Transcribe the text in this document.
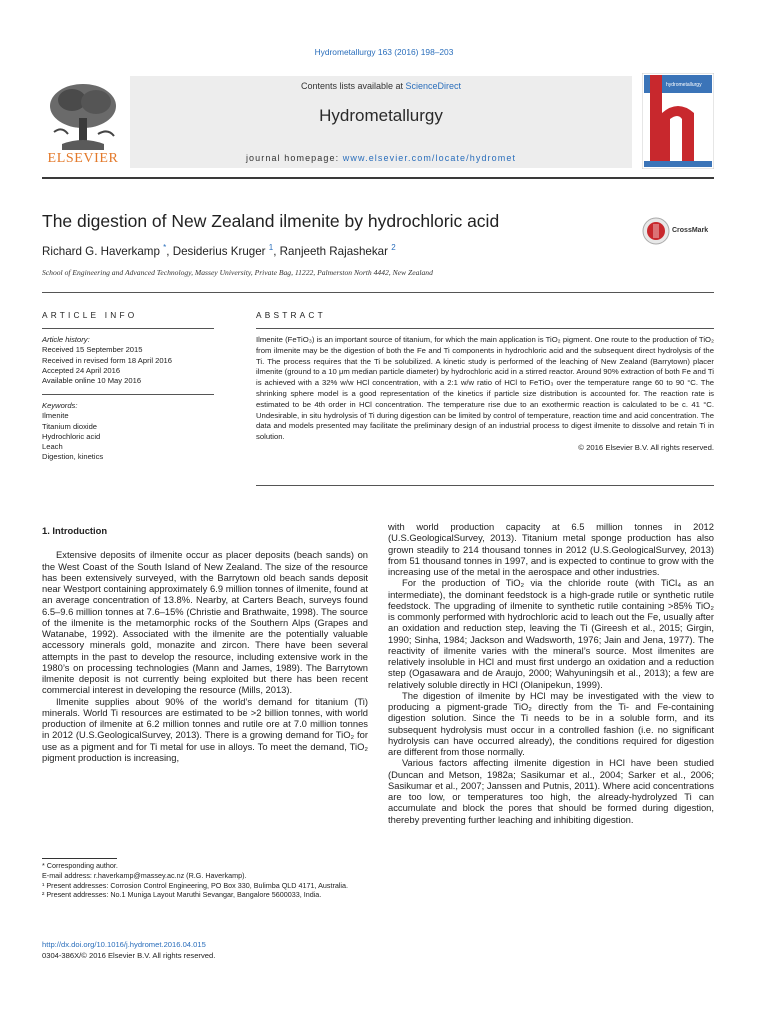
Hydrometallurgy 163 (2016) 198–203
ELSEVIER
Contents lists available at ScienceDirect
Hydrometallurgy
journal homepage: www.elsevier.com/locate/hydromet
hydrometallurgy
The digestion of New Zealand ilmenite by hydrochloric acid	CrossMark
Richard G. Haverkamp *, Desiderius Kruger $^1$, Ranjeeth Rajashekar $^2$
School of Engineering and Advanced Technology, Massey University, Private Bag, 11222, Palmerston North 4442, New Zealand
ARTICLE INFO
Article history:
Received 15 September 2015
Received in revised form 18 April 2016
Accepted 24 April 2016
Available online 10 May 2016
Keywords:
Ilmenite
Titanium dioxide
Hydrochloric acid
Leach
Digestion, kinetics
ABSTRACT
Ilmenite (FeTiO₃) is an important source of titanium, for which the main application is TiO₂ pigment. One route to the production of TiO₂ from ilmenite may be the digestion of both the Fe and Ti components in hydrochloric acid and the subsequent direct hydrolysis of the Ti. The process requires that the Ti be solubilized. A kinetic study is performed of the leaching of New Zealand (Barrytown) placer ilmenite (ground to a 10 μm median particle diameter) by hydrochloric acid in a stirred reactor. Around 90% extraction of both Fe and Ti is achieved with a 32% w/w HCl concentration, with a 2:1 w/w ratio of HCl to FeTiO₃ over the temperature range 60 to 90 °C. The shrinking sphere model is a good representation of the kinetics if particle size distribution is accounted for. The reaction rate is estimated to be 4th order in HCl concentration. The temperature rise due to an exothermic reaction is calculated to be c. 41 °C. Undesirable, in situ hydrolysis of Ti during digestion can be limited by control of temperature, reaction time and acid concentration. The data and models presented may facilitate the preliminary design of an industrial process to digest ilmenite to dissolve and retain Ti in solution.
© 2016 Elsevier B.V. All rights reserved.
1. Introduction

Extensive deposits of ilmenite occur as placer deposits (beach sands) on the West Coast of the South Island of New Zealand. The size of the resource has been extensively surveyed, with the Barrytown old beach sands deposit near Westport containing approximately 6.9 million tonnes of ilmenite, found at an average concentration of 13.8%. Nearby, at Carters Beach, surveys found 6.5–9.6 million tonnes at 7.6–15% (Christie and Brathwaite, 1998). The source of the ilmenite is the metamorphic rocks of the Southern Alps (Grapes and Watanabe, 1992). Associated with the ilmenite are the potentially valuable accessory minerals gold, monazite and zircon. There have been several attempts in the past to develop the resource, including extensive work in the 1980’s on processing technologies (Mann and James, 1989). The Barrytown ilmenite deposit is not currently being exploited but there has been recent commercial interest in developing the resource (Mills, 2013).

Ilmenite supplies about 90% of the world’s demand for titanium (Ti) minerals. World Ti resources are estimated to be >2 billion tonnes, with world production of ilmenite at 6.2 million tonnes and rutile ore at 7.0 million tonnes in 2012 (U.S.GeologicalSurvey, 2013). There is a growing demand for TiO₂ for use as a pigment and for Ti metal for use in alloys. To meet the demand, TiO₂ pigment production is increasing,

with world production capacity at 6.5 million tonnes in 2012 (U.S.GeologicalSurvey, 2013). Titanium metal sponge production has also grown steadily to 214 thousand tonnes in 2012 (U.S.GeologicalSurvey, 2013) from 51 thousand tonnes in 1997, and is expected to continue to grow with the increasing use of the metal in the aerospace and other industries.

For the production of TiO₂ via the chloride route (with TiCl₄ as an intermediate), the dominant feedstock is a high-grade rutile or synthetic rutile feedstock. The upgrading of ilmenite to synthetic rutile containing >85% TiO₂ is commonly performed with hydrochloric acid to leach out the Fe, usually after an oxidation and reduction step, leaving the Ti (Gireesh et al., 2015; Girgin, 1990; Sinha, 1984; Jackson and Wadsworth, 1976; Jain and Jena, 1977). The reactivity of ilmenite varies with the mineral’s source. Most ilmenites are relatively insoluble in HCl and must first undergo an oxidation and a reduction step (Ogasawara and de Araujo, 2000; Wahyuningsih et al., 2013); a few are relatively soluble directly in HCl (Olanipekun, 1999).

The digestion of ilmenite by HCl may be investigated with the view to producing a pigment-grade TiO₂ directly from the Ti- and Fe-containing digestion solution. Since the Ti needs to be in a soluble form, and its subsequent hydrolysis must occur in a controlled fashion (i.e. no significant hydrolysis can have occurred already), the conditions required for digestion are different from those normally.

Various factors affecting ilmenite digestion in HCl have been studied (Duncan and Metson, 1982a; Sasikumar et al., 2004; Sarker et al., 2006; Sasikumar et al., 2007; Janssen and Putnis, 2011). Where acid concentrations are too low, or temperatures too high, the already-hydrolyzed Ti can accumulate and block the pores that should be formed during digestion, thereby preventing further leaching and inhibiting digestion.

* Corresponding author.
E-mail address: r.haverkamp@massey.ac.nz (R.G. Haverkamp).
¹ Present addresses: Corrosion Control Engineering, PO Box 330, Bulimba QLD 4171, Australia.
² Present addresses: No.1 Muniga Layout Maruthi Sevangar, Bangalore 5600033, India.
http://dx.doi.org/10.1016/j.hydromet.2016.04.015
0304-386X/© 2016 Elsevier B.V. All rights reserved.
